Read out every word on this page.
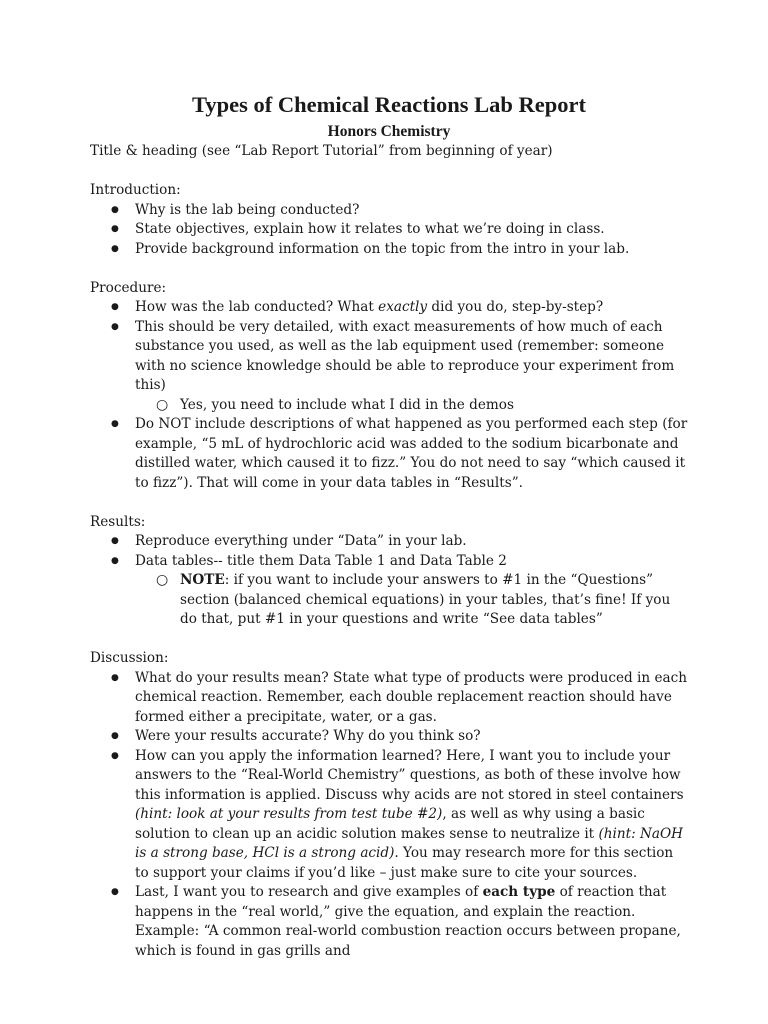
Types of Chemical Reactions Lab Report
Honors Chemistry

Title & heading (see “Lab Report Tutorial” from beginning of year)

Introduction:

● Why is the lab being conducted?
● State objectives, explain how it relates to what we’re doing in class.
● Provide background information on the topic from the intro in your lab.

Procedure:

● How was the lab conducted? What exactly did you do, step-by-step?
● This should be very detailed, with exact measurements of how much of each substance you used, as well as the lab equipment used (remember: someone with no science knowledge should be able to reproduce your experiment from this)
○ Yes, you need to include what I did in the demos
● Do NOT include descriptions of what happened as you performed each step (for example, “5 mL of hydrochloric acid was added to the sodium bicarbonate and distilled water, which caused it to fizz.” You do not need to say “which caused it to fizz”). That will come in your data tables in “Results”.

Results:

● Reproduce everything under “Data” in your lab.
● Data tables-- title them Data Table 1 and Data Table 2
○ NOTE: if you want to include your answers to #1 in the “Questions” section (balanced chemical equations) in your tables, that’s fine! If you do that, put #1 in your questions and write “See data tables”

Discussion:

● What do your results mean? State what type of products were produced in each chemical reaction. Remember, each double replacement reaction should have formed either a precipitate, water, or a gas.
● Were your results accurate? Why do you think so?
● How can you apply the information learned? Here, I want you to include your answers to the “Real-World Chemistry” questions, as both of these involve how this information is applied. Discuss why acids are not stored in steel containers (hint: look at your results from test tube #2), as well as why using a basic solution to clean up an acidic solution makes sense to neutralize it (hint: NaOH is a strong base, HCl is a strong acid). You may research more for this section to support your claims if you’d like – just make sure to cite your sources.
● Last, I want you to research and give examples of each type of reaction that happens in the “real world,” give the equation, and explain the reaction. Example: “A common real-world combustion reaction occurs between propane, which is found in gas grills and
